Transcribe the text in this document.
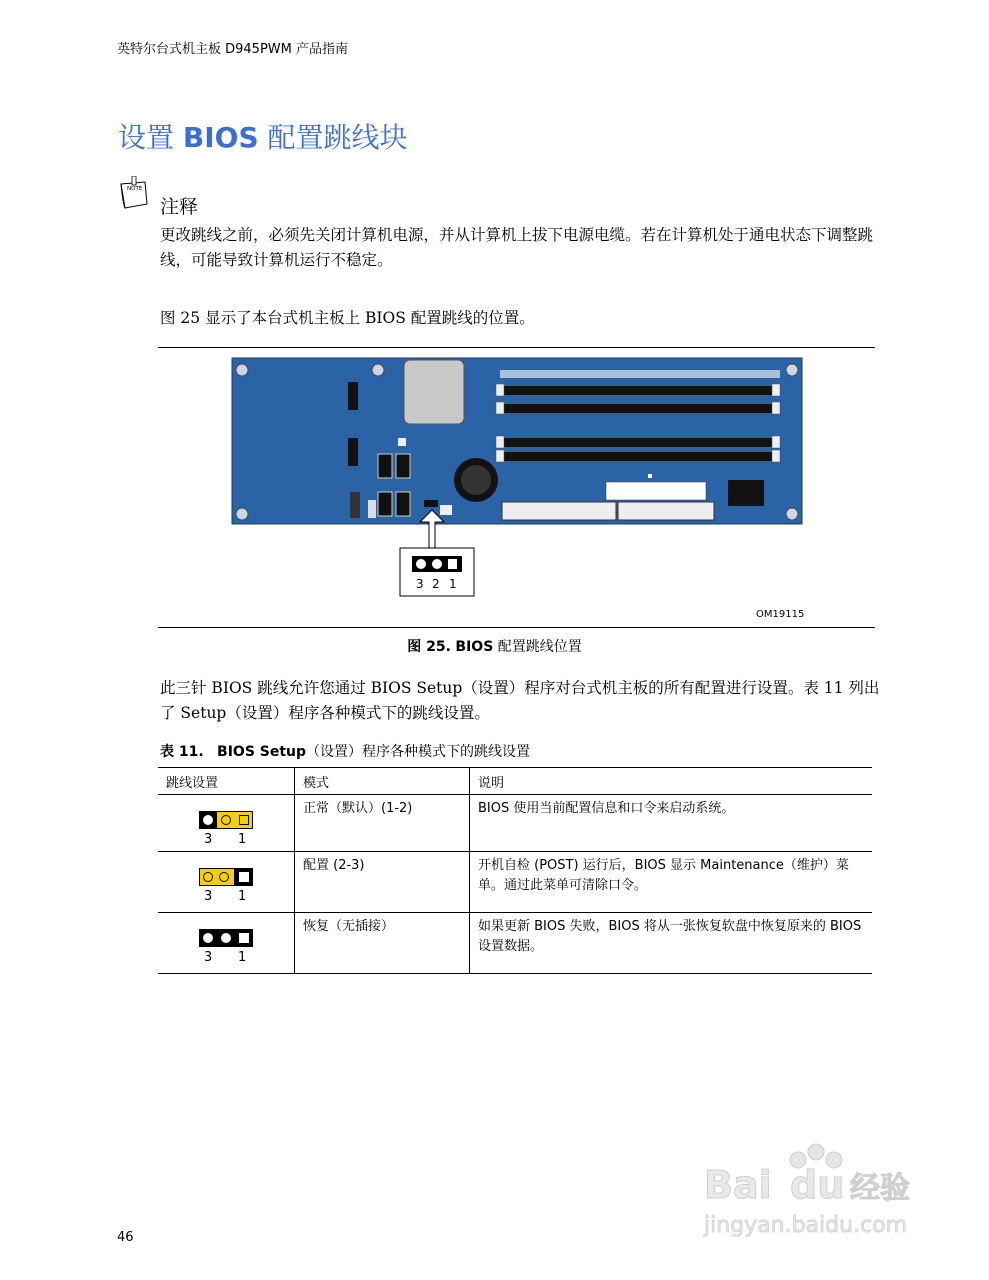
英特尔台式机主板 D945PWM 产品指南
设置 BIOS 配置跳线块
NOTE
注释
更改跳线之前，必须先关闭计算机电源，并从计算机上拔下电源电缆。若在计算机处于通电状态下调整跳线，可能导致计算机运行不稳定。
图 25 显示了本台式机主板上 BIOS 配置跳线的位置。
3 2 1
OM19115
图 25. BIOS 配置跳线位置
此三针 BIOS 跳线允许您通过 BIOS Setup（设置）程序对台式机主板的所有配置进行设置。表 11 列出了 Setup（设置）程序各种模式下的跳线设置。
表 11. BIOS Setup（设置）程序各种模式下的跳线设置
跳线设置	模式	说明

3 1	正常（默认）(1-2)	BIOS 使用当前配置信息和口令来启动系统。

3 1	配置 (2-3)	开机自检 (POST) 运行后，BIOS 显示 Maintenance（维护）菜单。通过此菜单可清除口令。

3 1	恢复（无插接）	如果更新 BIOS 失败，BIOS 将从一张恢复软盘中恢复原来的 BIOS 设置数据。
46
Bai du 经验
jingyan.baidu.com
